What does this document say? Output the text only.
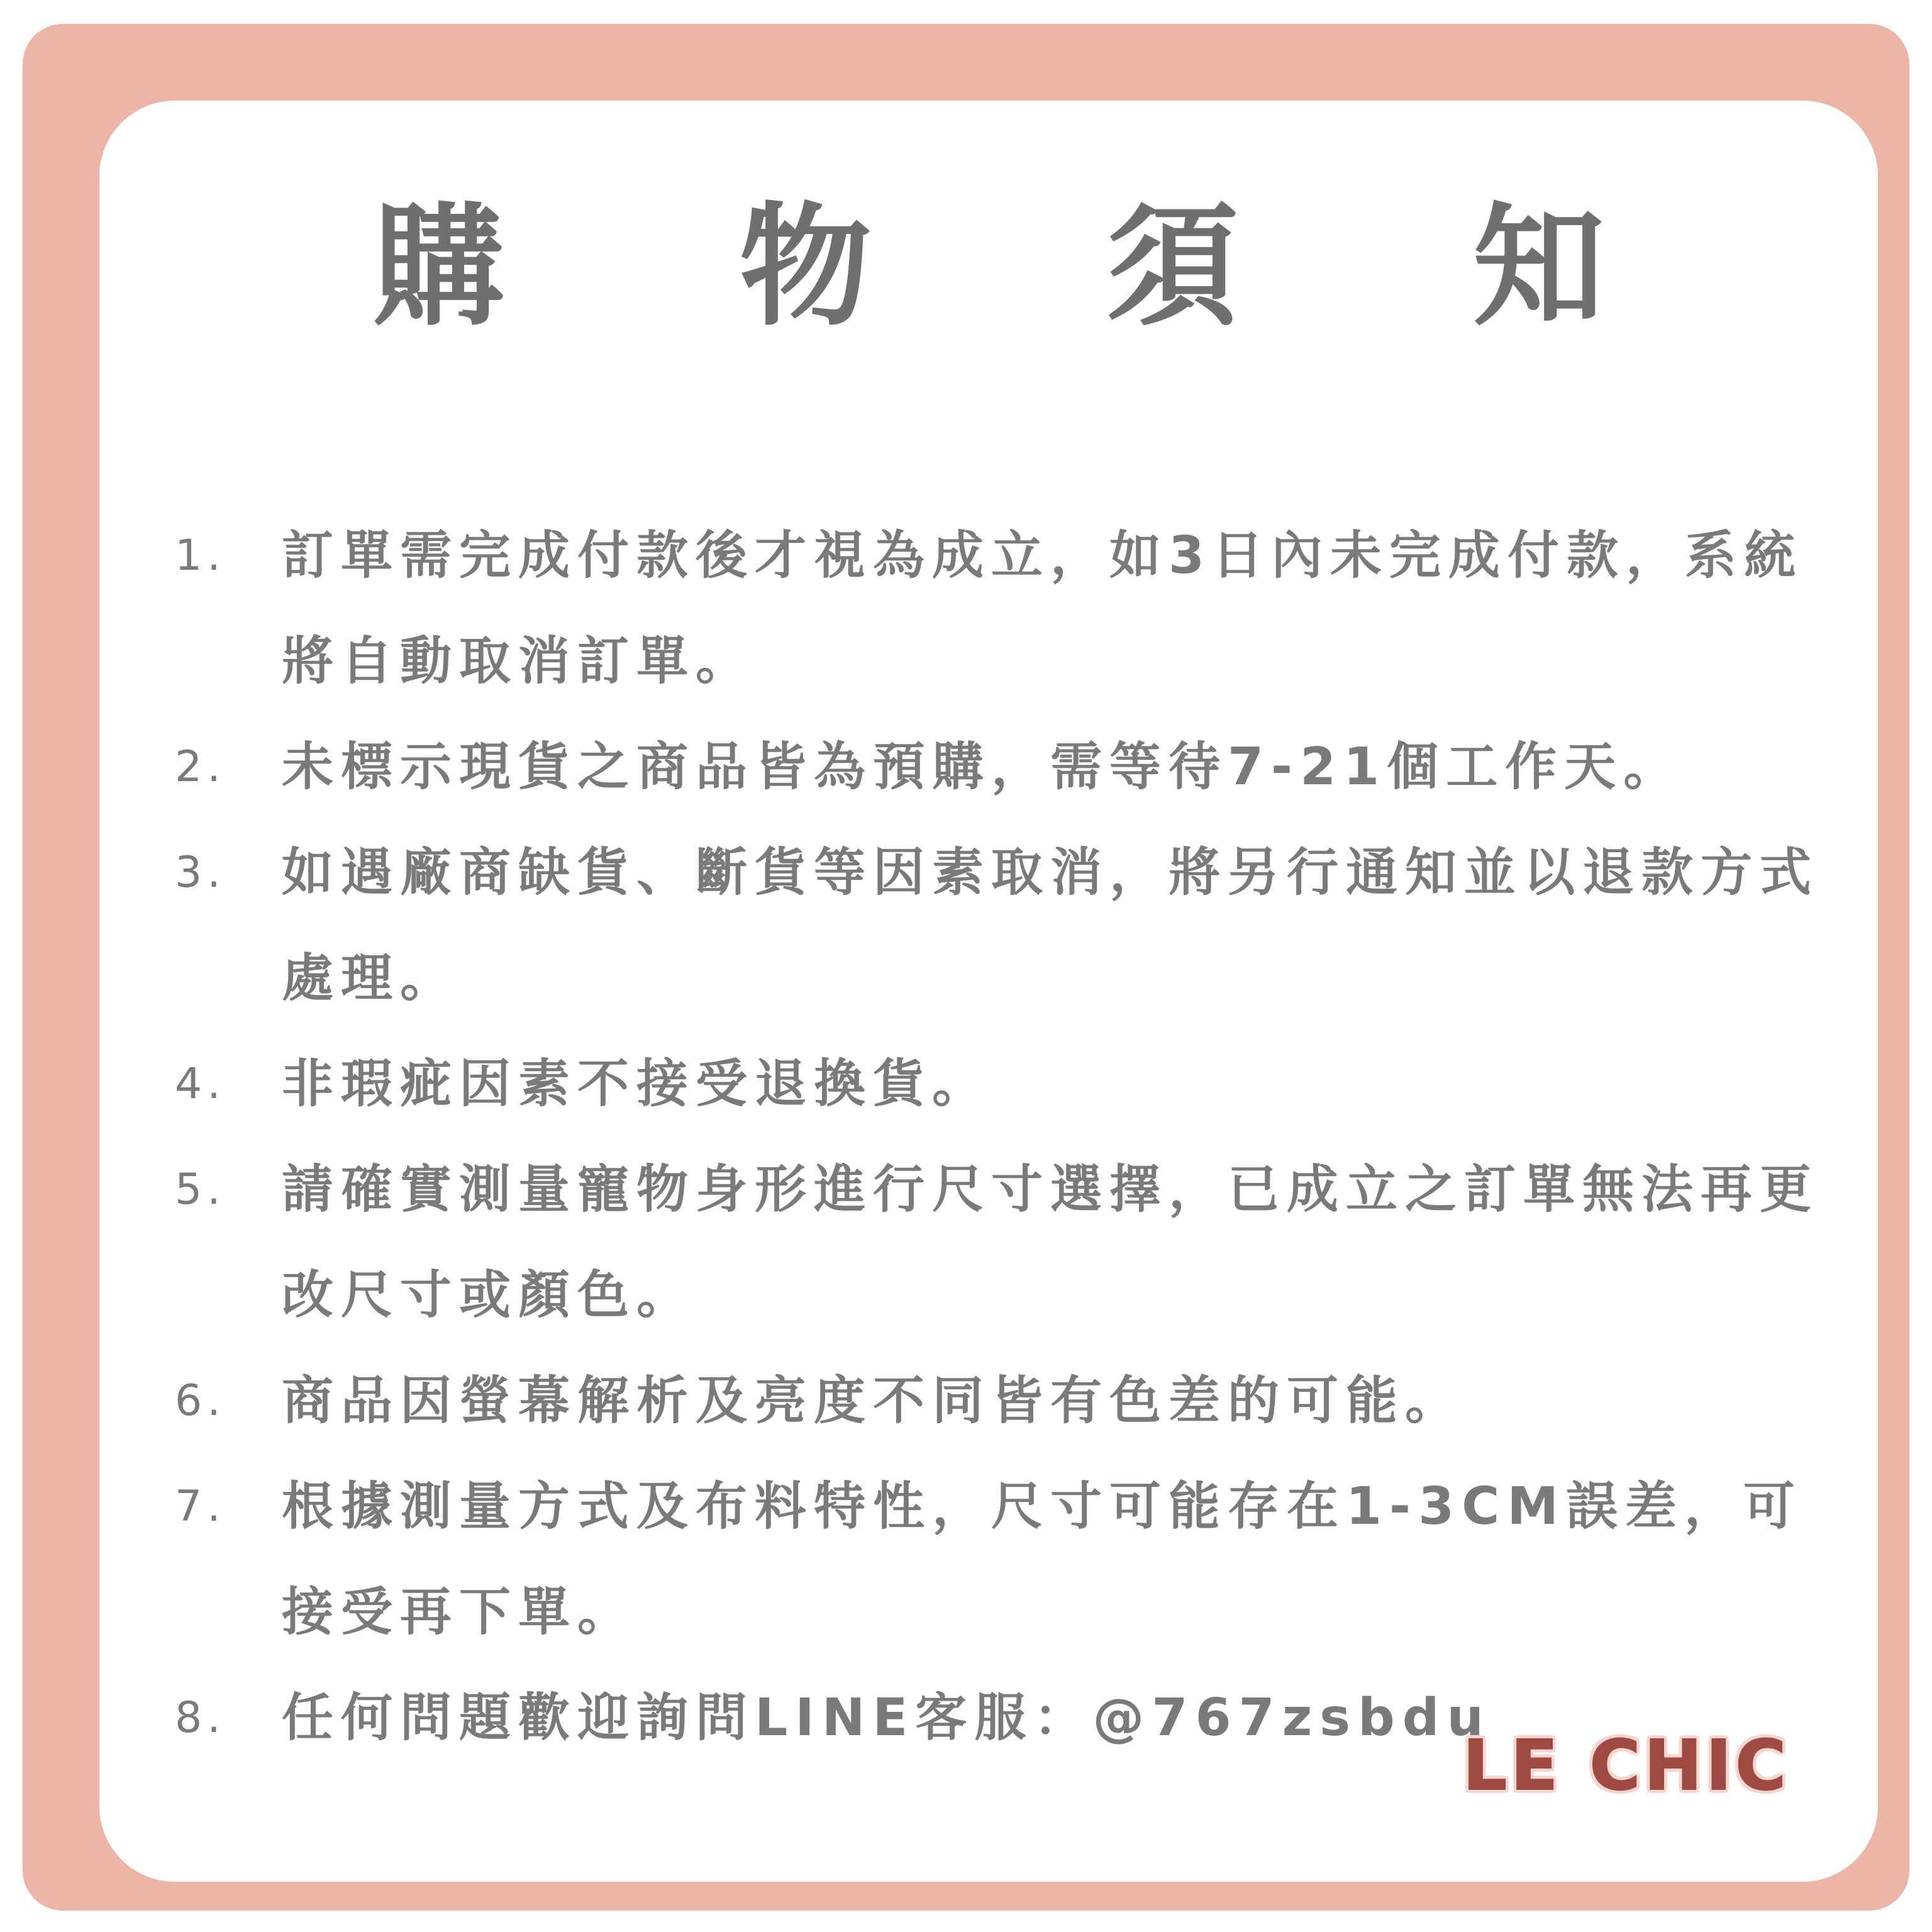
購 物 須 知
1.	訂單需完成付款後才視為成立，如3日內未完成付款，系統將自動取消訂單。
2.	未標示現貨之商品皆為預購，需等待7-21個工作天。
3.	如遇廠商缺貨、斷貨等因素取消，將另行通知並以退款方式處理。
4.	非瑕疵因素不接受退換貨。
5.	請確實測量寵物身形進行尺寸選擇，已成立之訂單無法再更改尺寸或顏色。
6.	商品因螢幕解析及亮度不同皆有色差的可能。
7.	根據測量方式及布料特性，尺寸可能存在1-3CM誤差，可接受再下單。
8.	任何問題歡迎詢問LINE客服：@767zsbdu
LE CHIC
